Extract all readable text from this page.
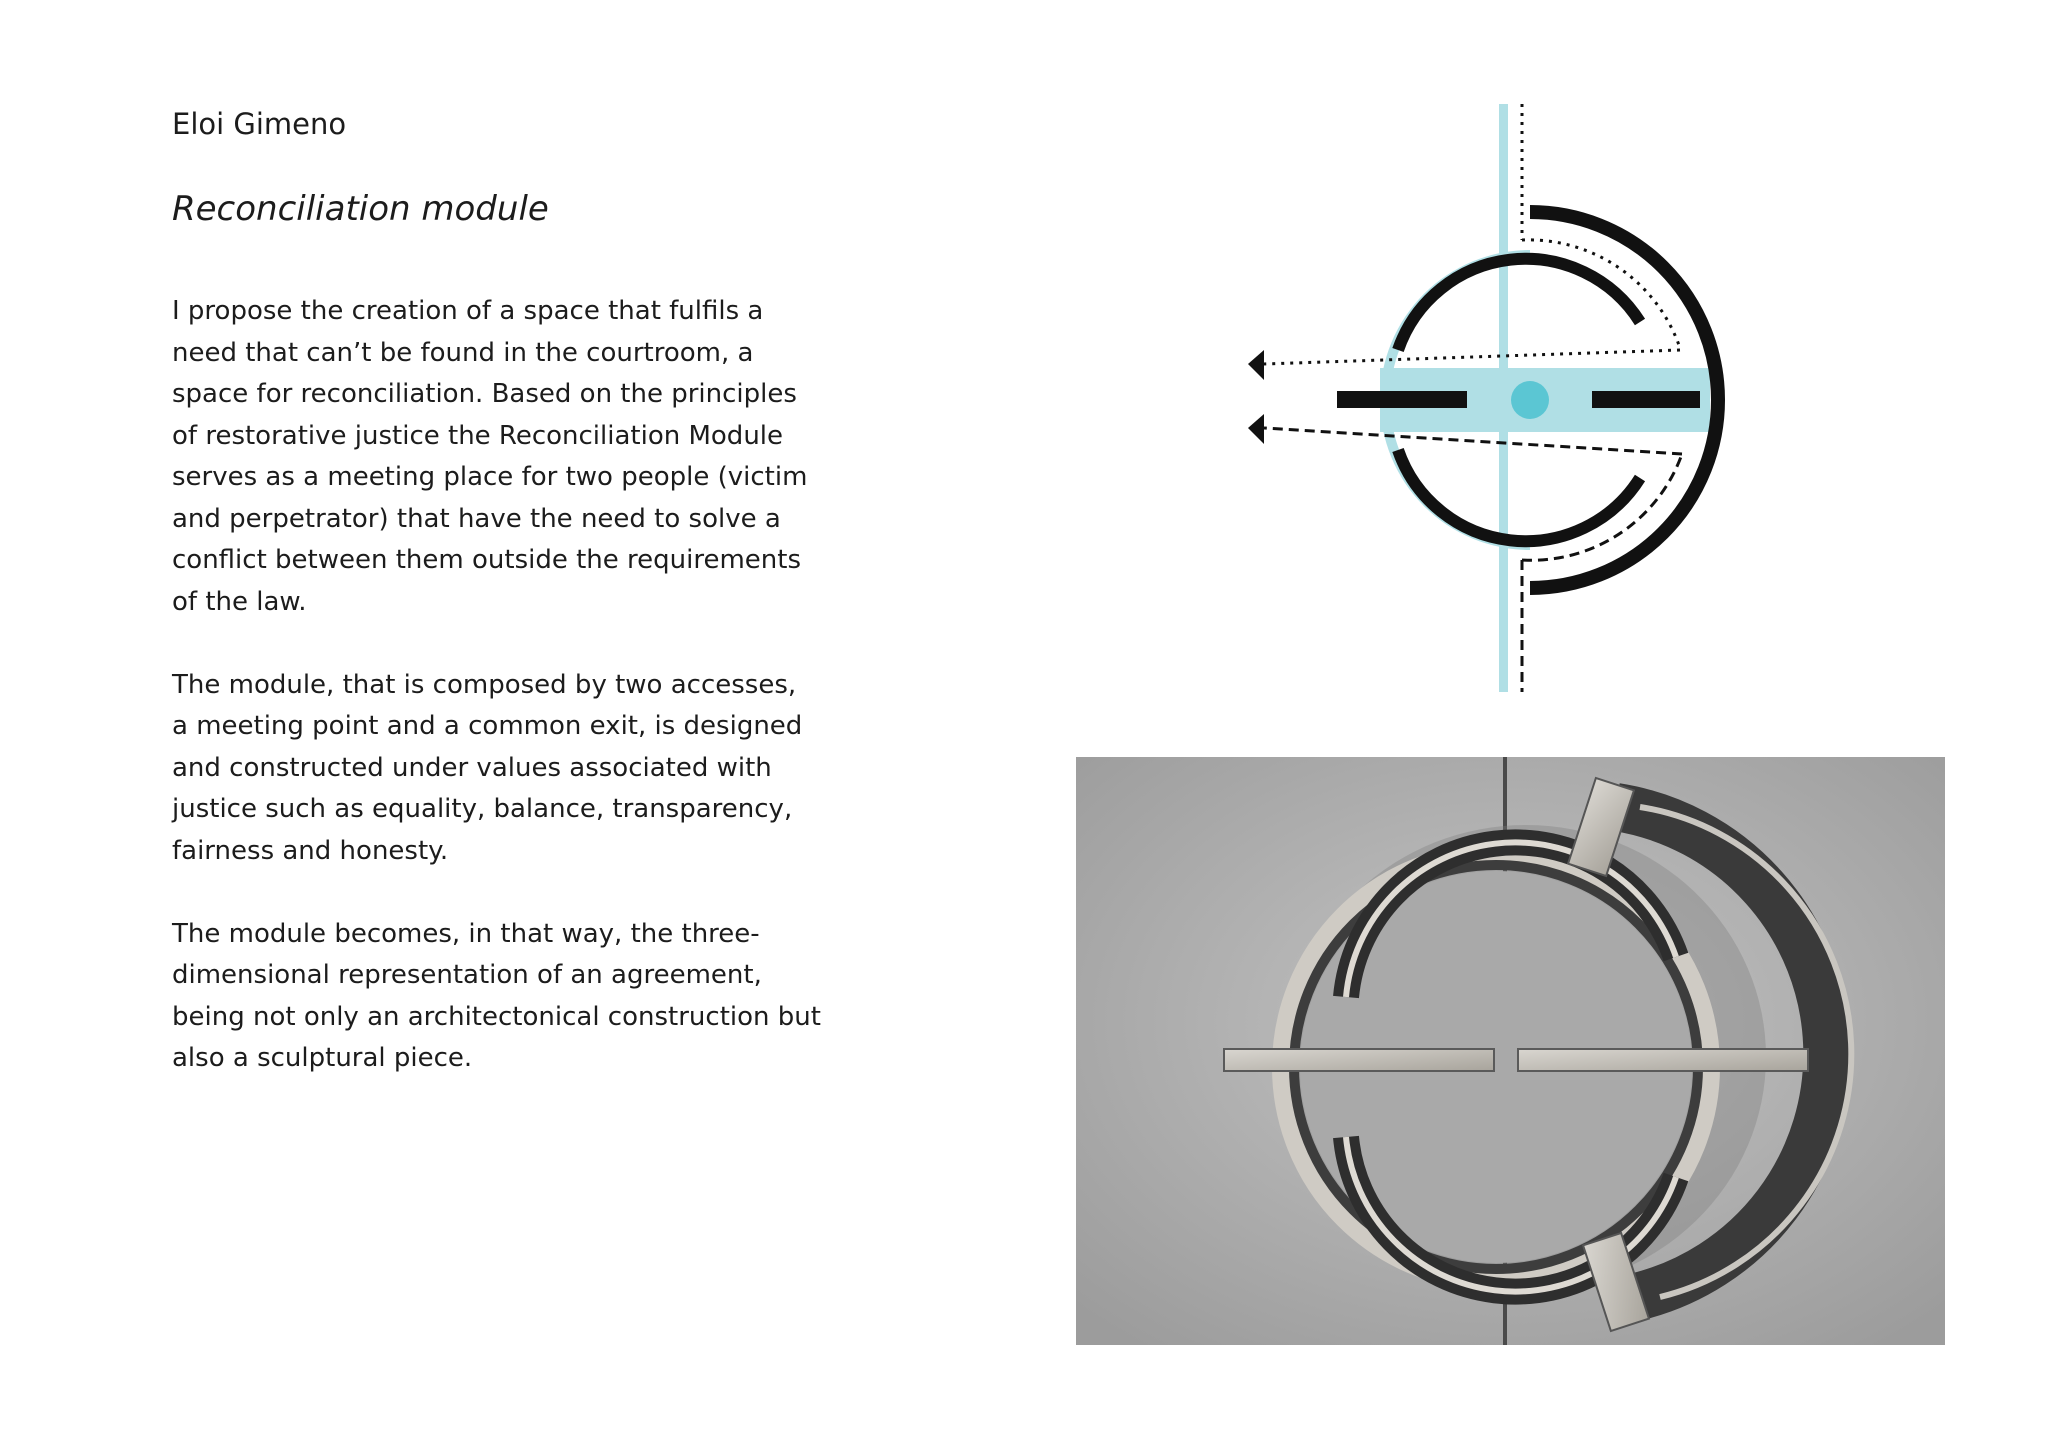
Eloi Gimeno
Reconciliation module

I propose the creation of a space that fulfils a
need that can’t be found in the courtroom, a
space for reconciliation. Based on the principles
of restorative justice the Reconciliation Module
serves as a meeting place for two people (victim
and perpetrator) that have the need to solve a
conflict between them outside the requirements
of the law.

The module, that is composed by two accesses,
a meeting point and a common exit, is designed
and constructed under values associated with
justice such as equality, balance, transparency,
fairness and honesty.

The module becomes, in that way, the three-
dimensional representation of an agreement,
being not only an architectonical construction but
also a sculptural piece.
